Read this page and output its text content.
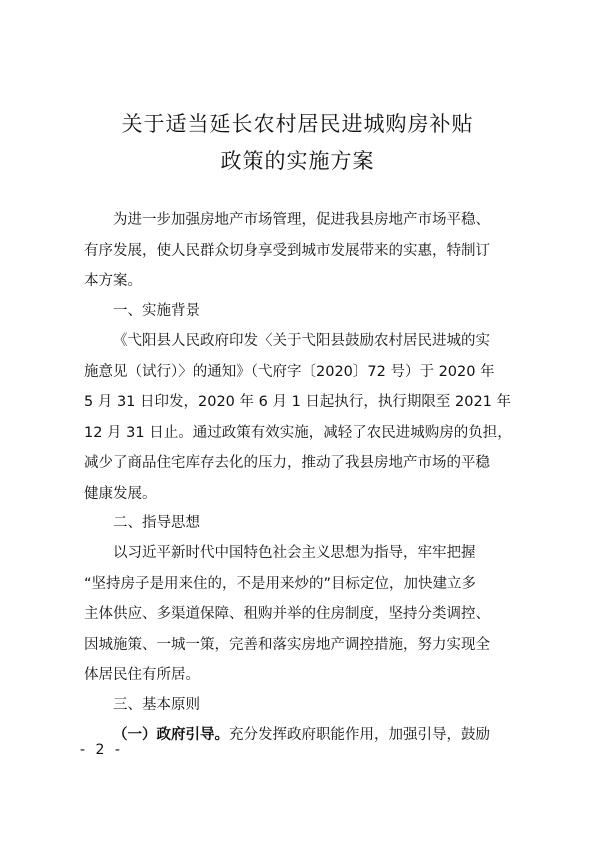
关于适当延长农村居民进城购房补贴
政策的实施方案

为进一步加强房地产市场管理，促进我县房地产市场平稳、
有序发展，使人民群众切身享受到城市发展带来的实惠，特制订
本方案。

一、实施背景

《弋阳县人民政府印发〈关于弋阳县鼓励农村居民进城的实
施意见（试行）〉的通知》（弋府字〔2020〕72 号）于 2020 年
5 月 31 日印发，2020 年 6 月 1 日起执行，执行期限至 2021 年
12 月 31 日止。通过政策有效实施，减轻了农民进城购房的负担，
减少了商品住宅库存去化的压力，推动了我县房地产市场的平稳
健康发展。

二、指导思想

以习近平新时代中国特色社会主义思想为指导，牢牢把握
“坚持房子是用来住的，不是用来炒的”目标定位，加快建立多
主体供应、多渠道保障、租购并举的住房制度，坚持分类调控、
因城施策、一城一策，完善和落实房地产调控措施，努力实现全
体居民住有所居。

三、基本原则

（一）政府引导。充分发挥政府职能作用，加强引导，鼓励

- 2 -
